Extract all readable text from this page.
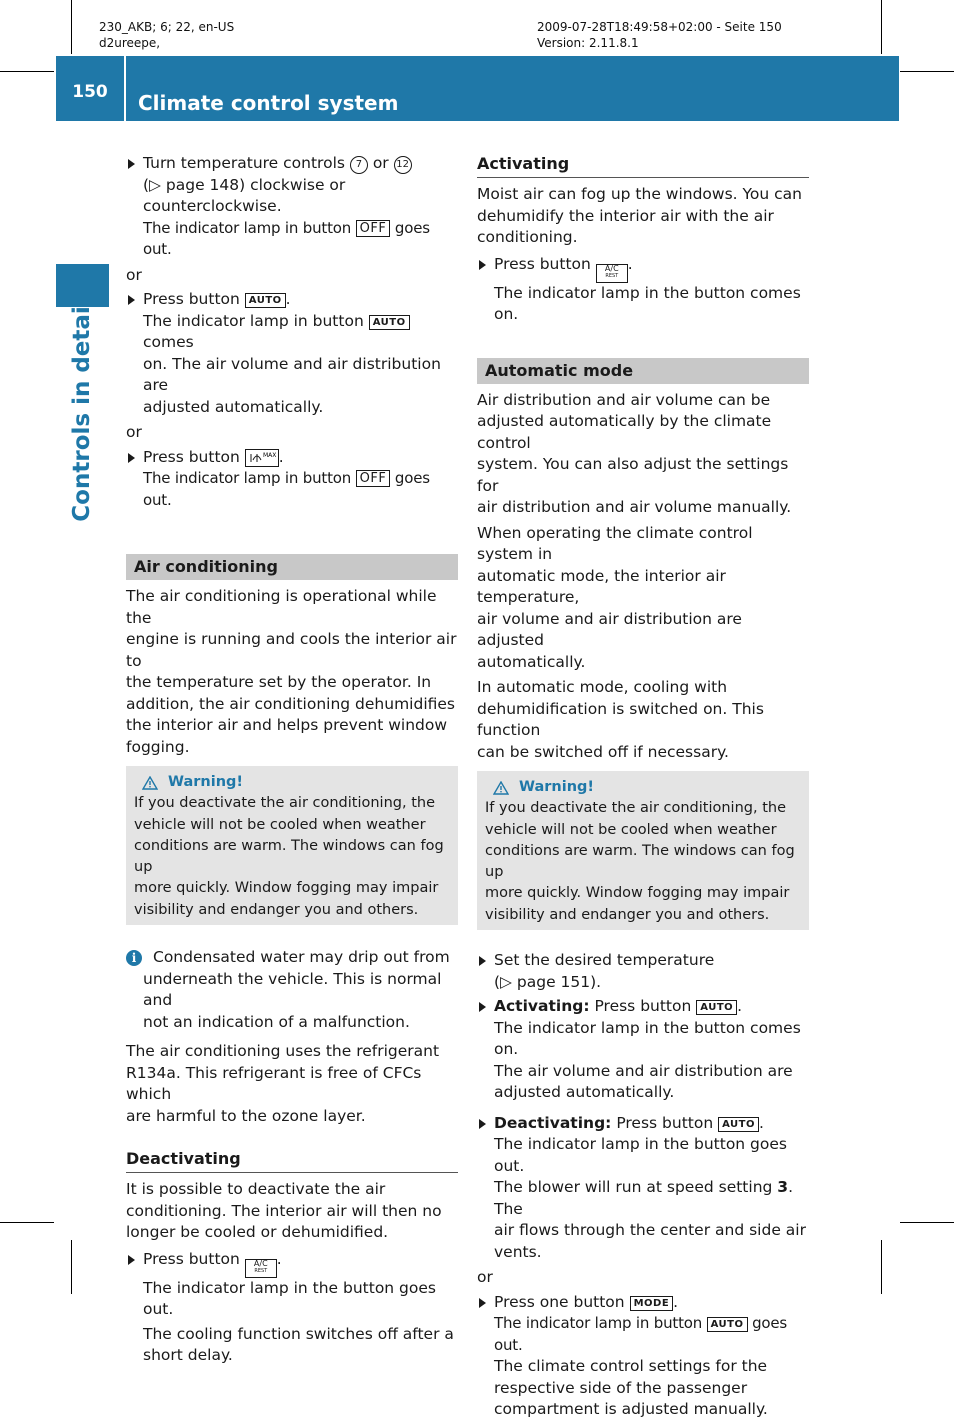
230_AKB; 6; 22, en-US
d2ureepe,
2009-07-28T18:49:58+02:00 - Seite 150
Version: 2.11.8.1
150	Climate control system
Controls in detail

Turn temperature controls 7 or 12

(▷ page 148) clockwise or

counterclockwise.

The indicator lamp in button OFF goes out.

or

Press button AUTO .

The indicator lamp in button AUTO comes

on. The air volume and air distribution are

adjusted automatically.

or

Press button	MAX .

The indicator lamp in button OFF goes out.

Air conditioning

The air conditioning is operational while the

engine is running and cools the interior air to

the temperature set by the operator. In

addition, the air conditioning dehumidifies

the interior air and helps prevent window

fogging.

Warning!

If you deactivate the air conditioning, the

vehicle will not be cooled when weather

conditions are warm. The windows can fog up

more quickly. Window fogging may impair

visibility and endanger you and others.

i	Condensated water may drip out from

underneath the vehicle. This is normal and

not an indication of a malfunction.

The air conditioning uses the refrigerant

R134a. This refrigerant is free of CFCs which

are harmful to the ozone layer.

Deactivating

It is possible to deactivate the air

conditioning. The interior air will then no

longer be cooled or dehumidified.

Press button A/C
REST
.

The indicator lamp in the button goes out.

The cooling function switches off after a

short delay.

Activating

Moist air can fog up the windows. You can

dehumidify the interior air with the air

conditioning.

Press button A/C
REST
.

The indicator lamp in the button comes on.

Automatic mode

Air distribution and air volume can be

adjusted automatically by the climate control

system. You can also adjust the settings for

air distribution and air volume manually.

When operating the climate control system in

automatic mode, the interior air temperature,

air volume and air distribution are adjusted

automatically.

In automatic mode, cooling with

dehumidification is switched on. This function

can be switched off if necessary.

Warning!

If you deactivate the air conditioning, the

vehicle will not be cooled when weather

conditions are warm. The windows can fog up

more quickly. Window fogging may impair

visibility and endanger you and others.

Set the desired temperature

(▷ page 151).

Activating: Press button AUTO .

The indicator lamp in the button comes on.

The air volume and air distribution are

adjusted automatically.

Deactivating: Press button AUTO .

The indicator lamp in the button goes out.

The blower will run at speed setting 3. The

air flows through the center and side air

vents.

or

Press one button MODE .

The indicator lamp in button AUTO goes out.

The climate control settings for the

respective side of the passenger

compartment is adjusted manually.
